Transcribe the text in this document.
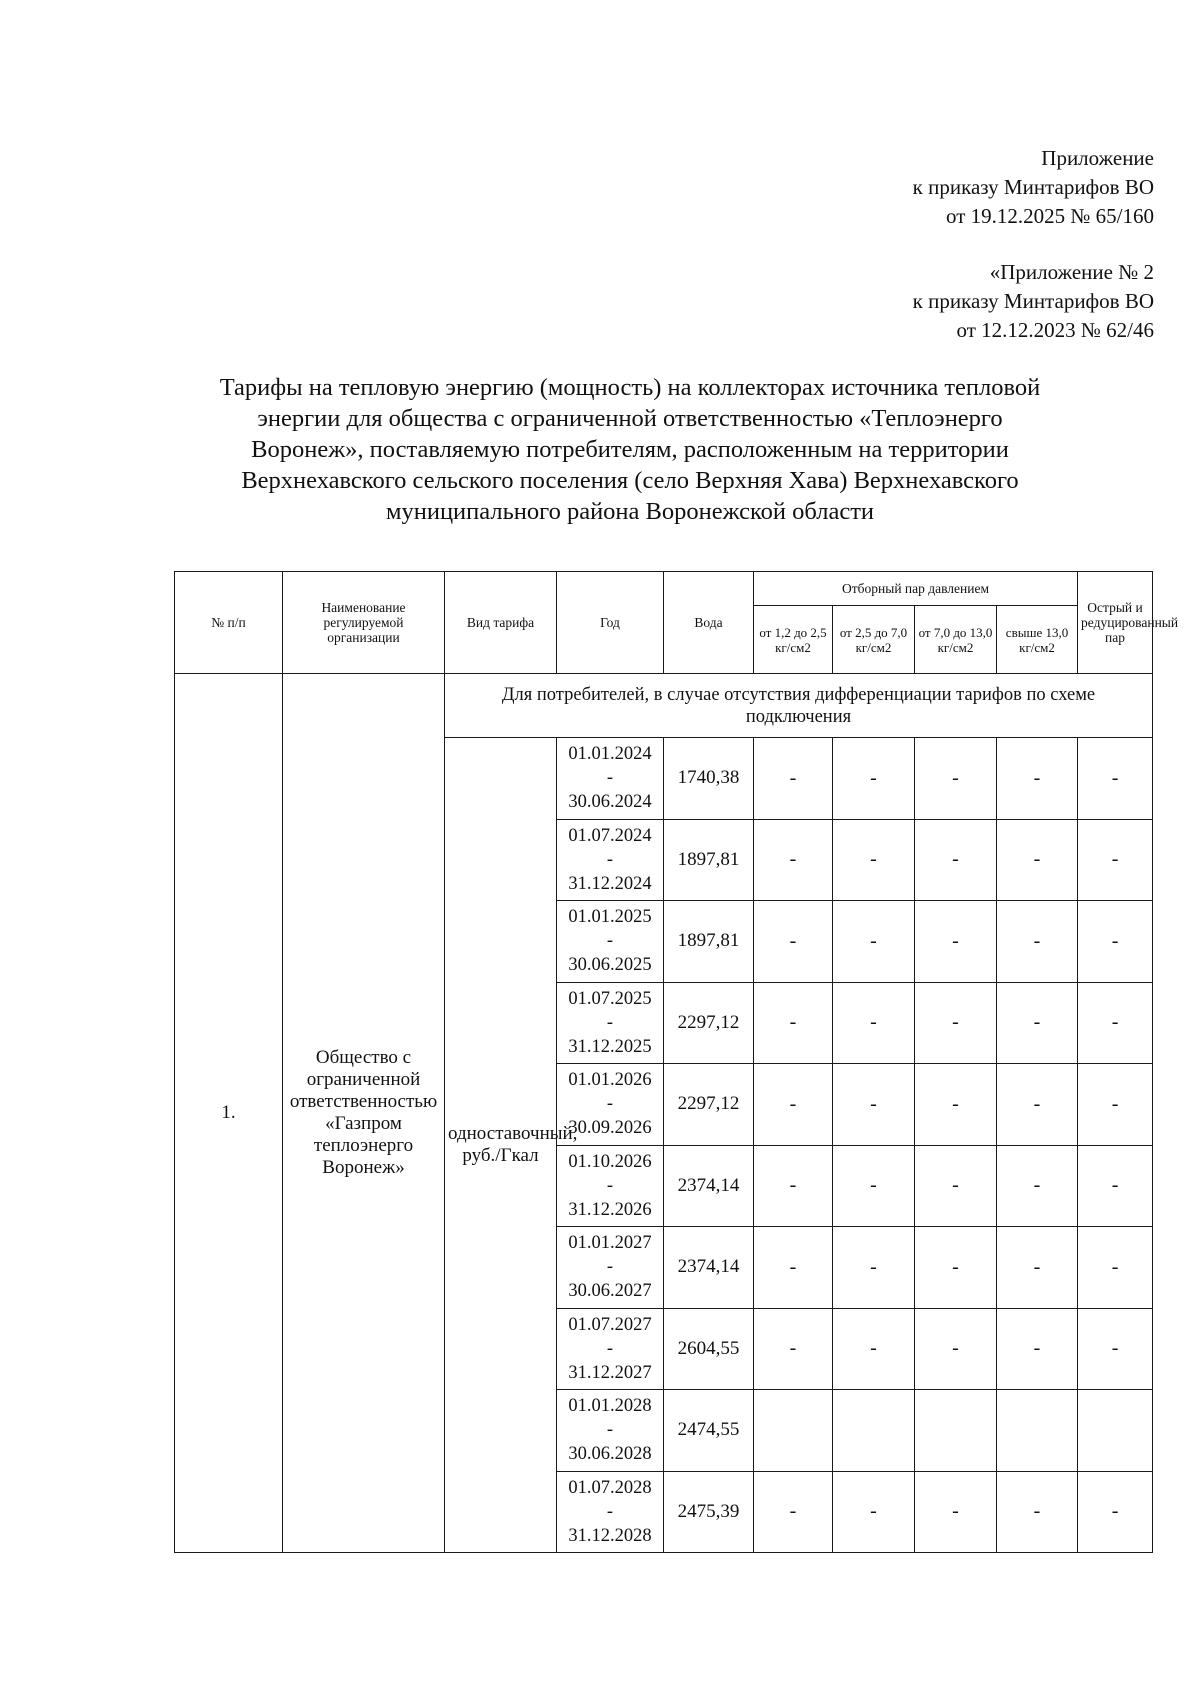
Приложение
к приказу Минтарифов ВО
от 19.12.2025 № 65/160
«Приложение № 2
к приказу Минтарифов ВО
от 12.12.2023 № 62/46
Тарифы на тепловую энергию (мощность) на коллекторах источника тепловой
энергии для общества с ограниченной ответственностью «Теплоэнерго
Воронеж», поставляемую потребителям, расположенным на территории
Верхнехавского сельского поселения (село Верхняя Хава) Верхнехавского
муниципального района Воронежской области
№ п/п	Наименование регулируемой организации	Вид тарифа	Год	Вода	Отборный пар давлением				Острый и редуцированный пар
					от 1,2 до 2,5 кг/см2	от 2,5 до 7,0 кг/см2	от 7,0 до 13,0 кг/см2	свыше 13,0 кг/см2	
1.	Общество с ограниченной ответственностью «Газпром теплоэнерго Воронеж»	Для потребителей, в случае отсутствия дифференциации тарифов по схеме подключения							
		одноставочный, руб./Гкал	01.01.2024
-
30.06.2024	1740,38	-	-	-	-	-

			01.07.2024
-
31.12.2024	1897,81	-	-	-	-	-

			01.01.2025
-
30.06.2025	1897,81	-	-	-	-	-

			01.07.2025
-
31.12.2025	2297,12	-	-	-	-	-

			01.01.2026
-
30.09.2026	2297,12	-	-	-	-	-

			01.10.2026
-
31.12.2026	2374,14	-	-	-	-	-

			01.01.2027
-
30.06.2027	2374,14	-	-	-	-	-

			01.07.2027
-
31.12.2027	2604,55	-	-	-	-	-

			01.01.2028
-
30.06.2028	2474,55					

			01.07.2028
-
31.12.2028	2475,39	-	-	-	-	-
